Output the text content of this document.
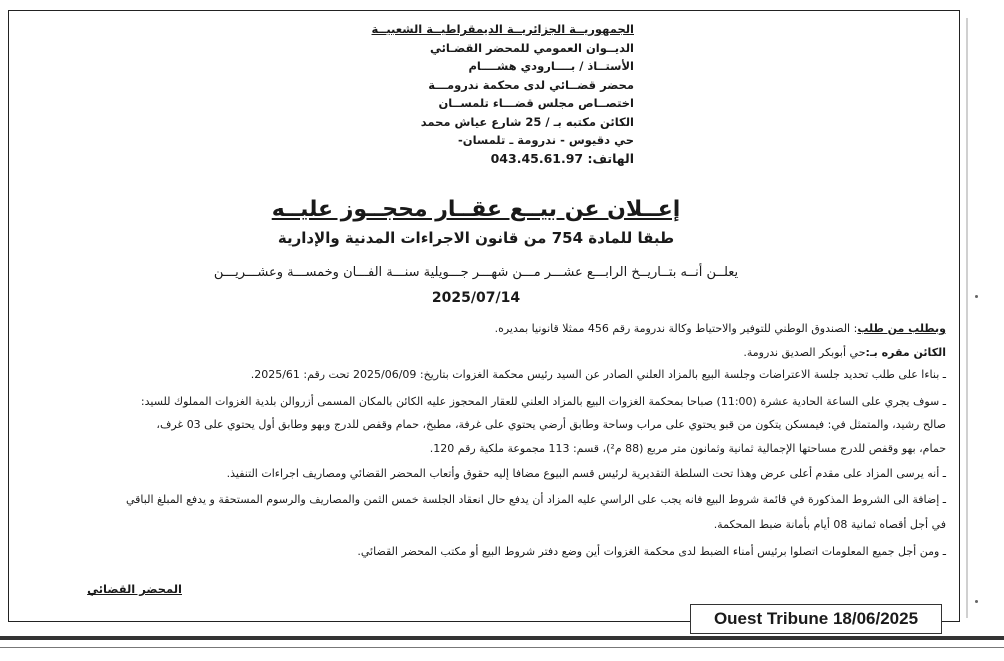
الجمهوريــة الجزائريــة الديمقراطيــة الشعبيــة
الديــوان العمومي للمحضر القضـائي
الأستــاذ / بــــارودي هشــــام
محضر قضــائي لدى محكمة ندرومـــة
اختصــاص مجلس قضـــاء تلمســان
الكائن مكتبه بـ / 25 شارع عياش محمد
حي دقيوس - ندرومة ـ تلمسان-
الهاتف: 043.45.61.97
إعــلان عن بيــع عقــار محجــوز عليــه
طبقا للمادة 754 من قانون الاجراءات المدنية والإدارية
يعلــن أنــه بتــاريــخ الرابـــع عشـــر مـــن شهـــر جـــويلية سنـــة الفـــان وخمســـة وعشـــريـــن
2025/07/14
وبطلب من طلب: الصندوق الوطني للتوفير والاحتياط وكالة ندرومة رقم 456 ممثلا قانونيا بمديره.
الكائن مقره بـ:حي أبوبكر الصديق ندرومة.
ـ بناءا على طلب تحديد جلسة الاعتراضات وجلسة البيع بالمزاد العلني الصادر عن السيد رئيس محكمة الغزوات بتاريخ: 2025/06/09 تحت رقم: 2025/61.
ـ سوف يجري على الساعة الحادية عشرة (11:00) صباحا بمحكمة الغزوات البيع بالمزاد العلني للعقار المحجوز عليه الكائن بالمكان المسمى أزروالن بلدية الغزوات المملوك للسيد:
صالح رشيد، والمتمثل في: فيمسكن يتكون من قبو يحتوي على مراب وساحة وطابق أرضي يحتوي على غرفة، مطبخ، حمام وقفص للدرج وبهو وطابق أول يحتوي على 03 غرف،
حمام، بهو وقفص للدرج مساحتها الإجمالية ثمانية وثمانون متر مربع (88 م²)، قسم: 113 مجموعة ملكية رقم 120.
ـ أنه يرسى المزاد على مقدم أعلى عرض وهذا تحت السلطة التقديرية لرئيس قسم البيوع مضافا إليه حقوق وأتعاب المحضر القضائي ومصاريف اجراءات التنفيذ.
ـ إضافة الى الشروط المذكورة في قائمة شروط البيع فانه يجب على الراسي عليه المزاد أن يدفع حال انعقاد الجلسة خمس الثمن والمصاريف والرسوم المستحقة و يدفع المبلغ الباقي
في أجل أقصاه ثمانية 08 أيام بأمانة ضبط المحكمة.
ـ ومن أجل جميع المعلومات اتصلوا برئيس أمناء الضبط لدى محكمة الغزوات أين وضع دفتر شروط البيع أو مكتب المحضر القضائي.
المحضر القضائي
Ouest Tribune 18/06/2025
